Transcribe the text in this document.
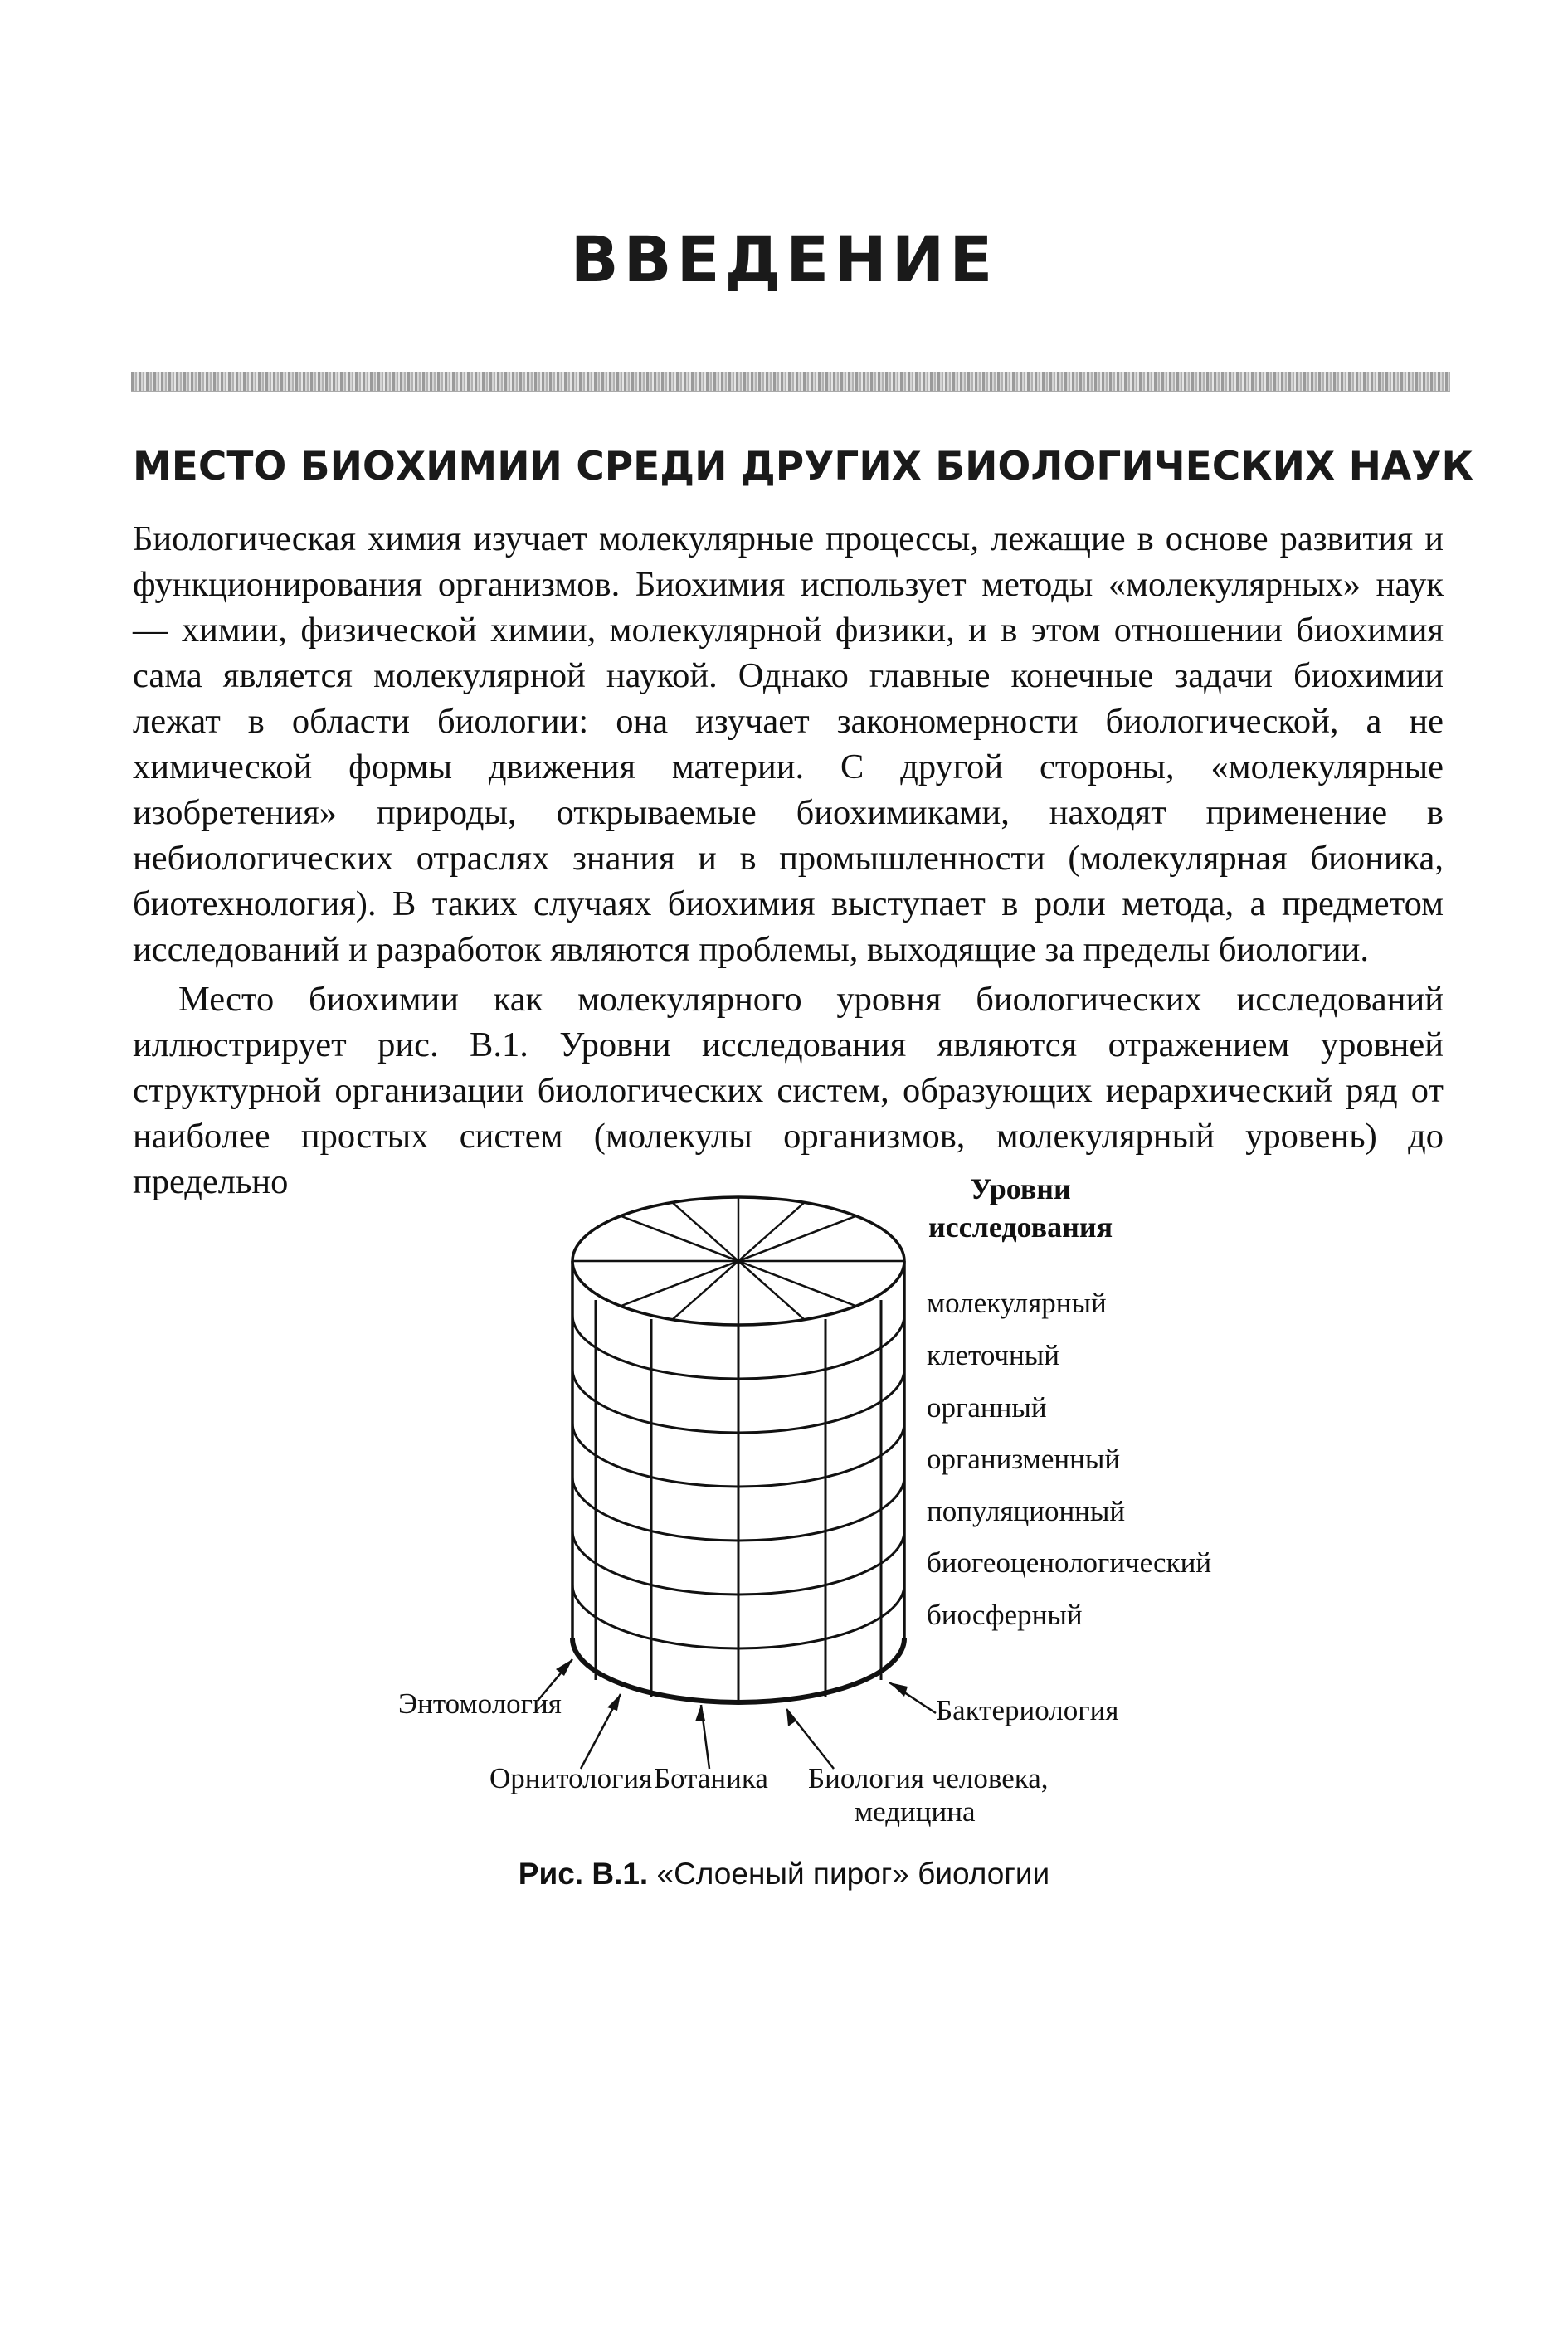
ВВЕДЕНИЕ
МЕСТО БИОХИМИИ СРЕДИ ДРУГИХ БИОЛОГИЧЕСКИХ НАУК

Биологическая химия изучает молекулярные процессы, лежащие в основе развития и функционирования организмов. Биохимия использует методы «молекулярных» наук — химии, физической химии, молекулярной физики, и в этом отношении биохимия сама является молекулярной наукой. Однако главные конечные задачи биохимии лежат в области биологии: она изучает закономерности биологической, а не химической формы движения материи. С другой стороны, «молекулярные изобретения» природы, открываемые биохимиками, находят применение в небиологических отраслях знания и в промышленности (молекулярная бионика, биотехнология). В таких случаях биохимия выступает в роли метода, а предметом исследований и разработок являются проблемы, выходящие за пределы биологии.

Место биохимии как молекулярного уровня биологических исследований иллюстрирует рис. В.1. Уровни исследования являются отражением уровней структурной организации биологических систем, образующих иерархический ряд от наиболее простых систем (молекулы организмов, молекулярный уровень) до предельно	Уровни
исследования
молекулярный
клеточный
органный
организменный
популяционный
биогеоценологический
биосферный
Энтомология
Орнитология Ботаника Биология человека,
медицина
Бактериология

Рис. В.1. «Слоеный пирог» биологии
